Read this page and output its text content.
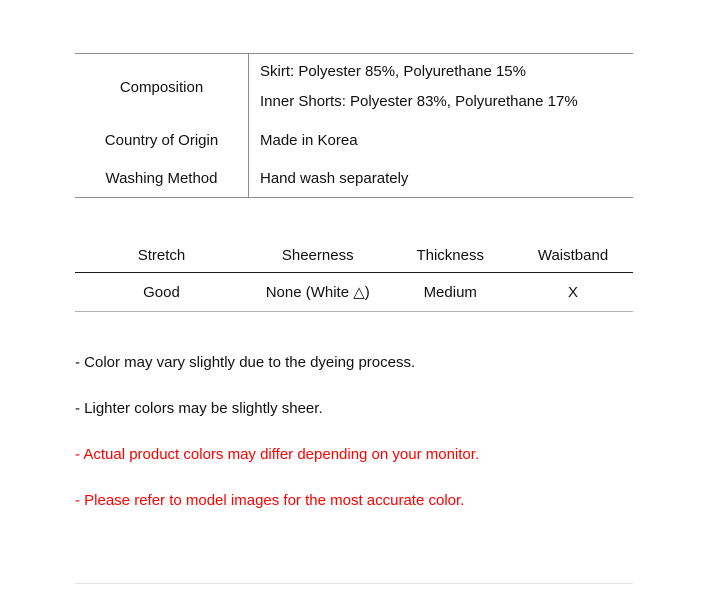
Composition	Skirt: Polyester 85%, Polyurethane 15%
Inner Shorts: Polyester 83%, Polyurethane 17%

Country of Origin	Made in Korea
Washing Method	Hand wash separately
Stretch	Sheerness	Thickness	Waistband
Good	None (White △)	Medium	X

- Color may vary slightly due to the dyeing process.

- Lighter colors may be slightly sheer.

- Actual product colors may differ depending on your monitor.

- Please refer to model images for the most accurate color.
